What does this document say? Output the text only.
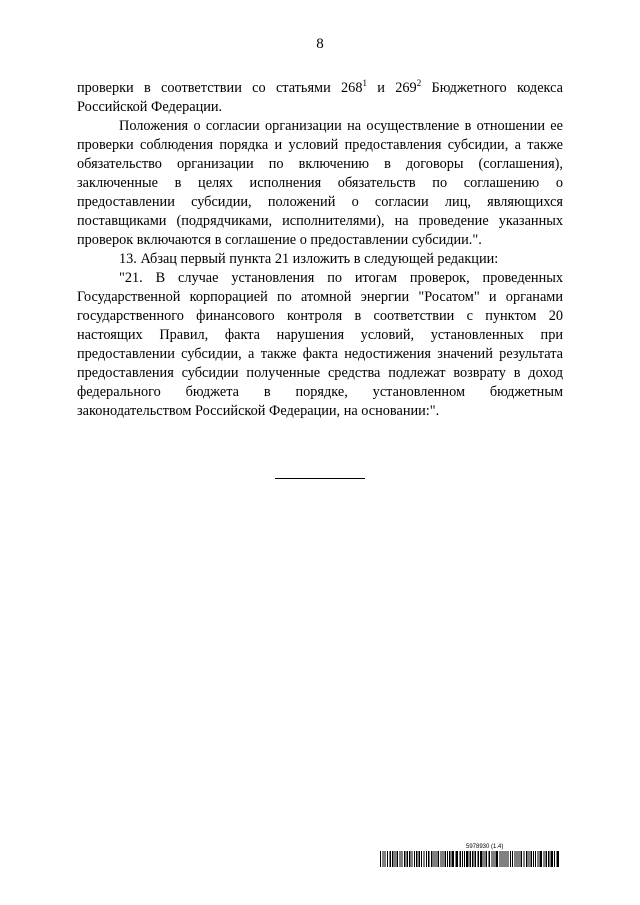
8

проверки в соответствии со статьями $268^1$ и $269^2$ Бюджетного кодекса Российской Федерации.

Положения о согласии организации на осуществление в отношении ее проверки соблюдения порядка и условий предоставления субсидии, а также обязательство организации по включению в договоры (соглашения), заключенные в целях исполнения обязательств по соглашению о предоставлении субсидии, положений о согласии лиц, являющихся поставщиками (подрядчиками, исполнителями), на проведение указанных проверок включаются в соглашение о предоставлении субсидии.".

13. Абзац первый пункта 21 изложить в следующей редакции:

"21. В случае установления по итогам проверок, проведенных Государственной корпорацией по атомной энергии "Росатом" и органами государственного финансового контроля в соответствии с пунктом 20 настоящих Правил, факта нарушения условий, установленных при предоставлении субсидии, а также факта недостижения значений результата предоставления субсидии полученные средства подлежат возврату в доход федерального бюджета в порядке, установленном бюджетным законодательством Российской Федерации, на основании:".

5978930 (1.4)
